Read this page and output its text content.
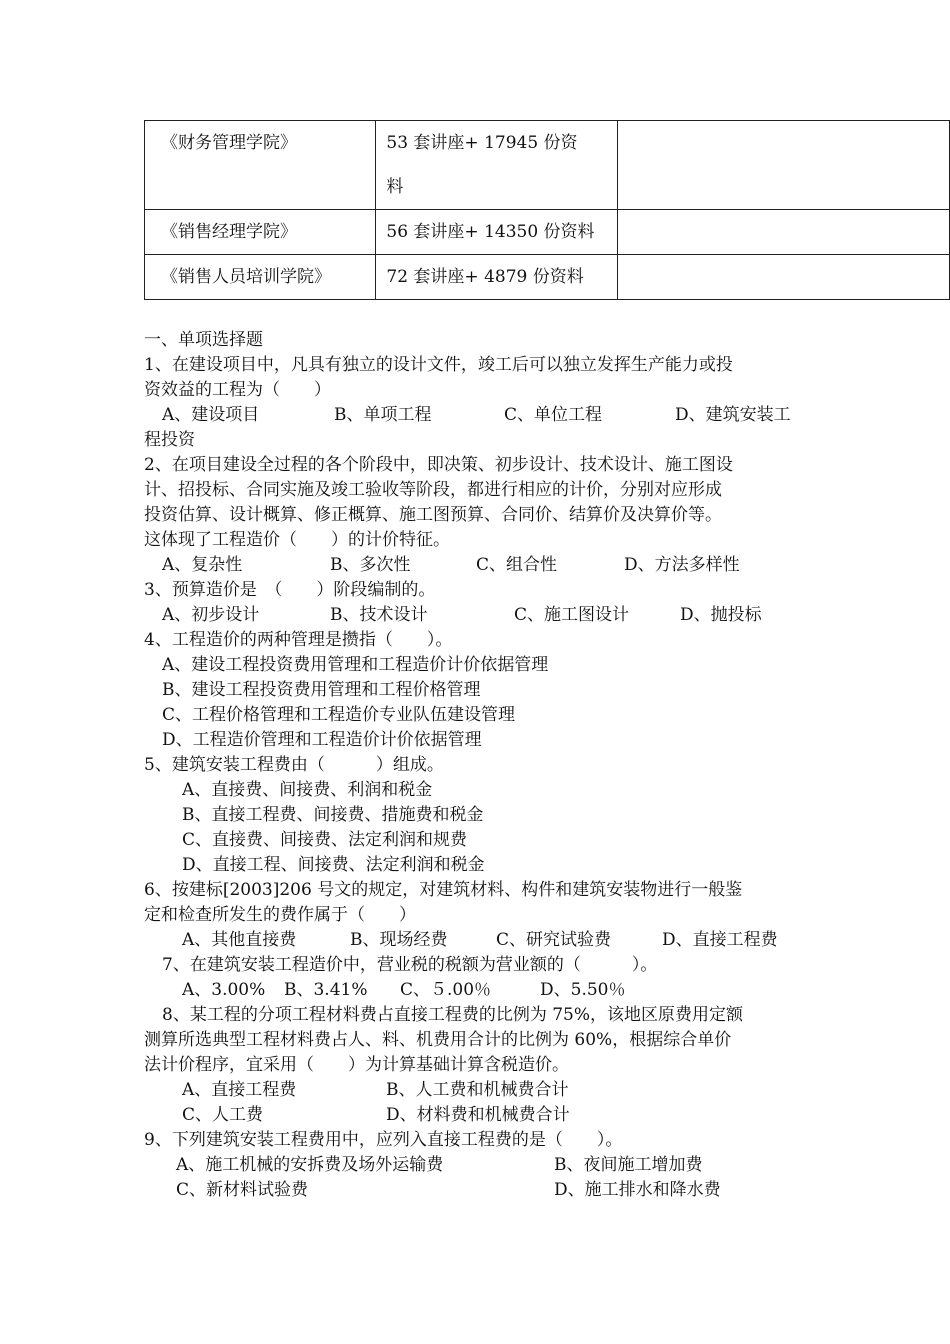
《财务管理学院》	53 套讲座+ 17945 份资
料	
《销售经理学院》	56 套讲座+ 14350 份资料	
《销售人员培训学院》	72 套讲座+ 4879 份资料	
一、单项选择题
1、在建设项目中，凡具有独立的设计文件，竣工后可以独立发挥生产能力或投
资效益的工程为（　　）
A、建设项目	B、单项工程	C、单位工程	D、建筑安装工
程投资
2、在项目建设全过程的各个阶段中，即决策、初步设计、技术设计、施工图设
计、招投标、合同实施及竣工验收等阶段，都进行相应的计价，分别对应形成
投资估算、设计概算、修正概算、施工图预算、合同价、结算价及决算价等。
这体现了工程造价（　　）的计价特征。
A、复杂性	B、多次性	C、组合性	D、方法多样性
3、预算造价是　（　　）阶段编制的。
A、初步设计	B、技术设计	C、施工图设计	D、抛投标
4、工程造价的两种管理是攒指（　　）。
A、建设工程投资费用管理和工程造价计价依据管理
B、建设工程投资费用管理和工程价格管理
C、工程价格管理和工程造价专业队伍建设管理
D、工程造价管理和工程造价计价依据管理
5、建筑安装工程费由（　　　）组成。
A、直接费、间接费、利润和税金
B、直接工程费、间接费、措施费和税金
C、直接费、间接费、法定利润和规费
D、直接工程、间接费、法定利润和税金
6、按建标[2003]206 号文的规定，对建筑材料、构件和建筑安装物进行一般鉴
定和检查所发生的费作属于（　　）
A、其他直接费	B、现场经费	C、研究试验费	D、直接工程费
7、在建筑安装工程造价中，营业税的税额为营业额的（　　　）。
A、3.00% B、3.41% C、５.00％	D、5.50％
8、某工程的分项工程材料费占直接工程费的比例为 75%，该地区原费用定额
测算所选典型工程材料费占人、料、机费用合计的比例为 60%，根据综合单价
法计价程序，宜采用（　　）为计算基础计算含税造价。
A、直接工程费	B、人工费和机械费合计
C、人工费	D、材料费和机械费合计
9、下列建筑安装工程费用中，应列入直接工程费的是（　　）。
A、施工机械的安拆费及场外运输费	B、夜间施工增加费
C、新材料试验费	D、施工排水和降水费
